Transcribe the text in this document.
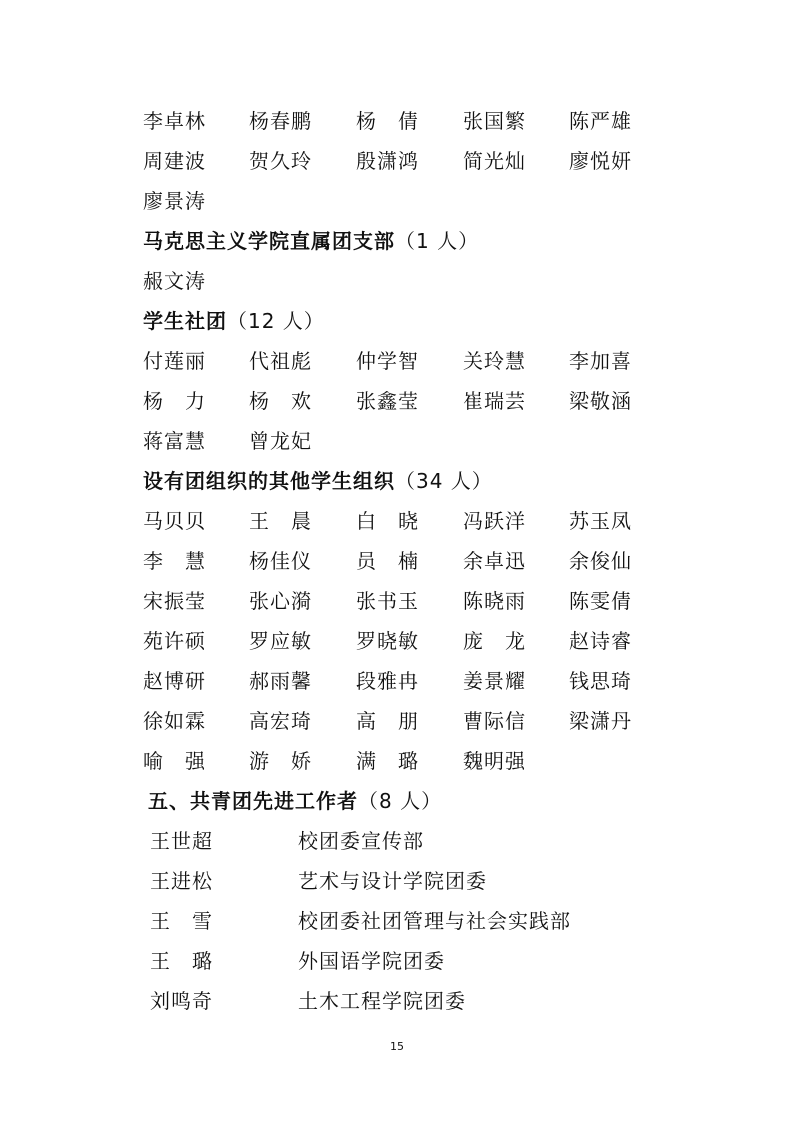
李卓林 杨春鹏 杨　倩 张国繁 陈严雄
周建波 贺久玲 殷潇鸿 简光灿 廖悦妍
廖景涛
马克思主义学院直属团支部（1 人）
赧文涛
学生社团（12 人）
付莲丽 代祖彪 仲学智 关玲慧 李加喜
杨　力 杨　欢 张鑫莹 崔瑞芸 梁敬涵
蒋富慧 曾龙妃
设有团组织的其他学生组织（34 人）
马贝贝 王　晨 白　晓 冯跃洋 苏玉凤
李　慧 杨佳仪 员　楠 余卓迅 余俊仙
宋振莹 张心漪 张书玉 陈晓雨 陈雯倩
苑许硕 罗应敏 罗晓敏 庞　龙 赵诗睿
赵博研 郝雨馨 段雅冉 姜景耀 钱思琦
徐如霖 高宏琦 高　朋 曹际信 梁潇丹
喻　强 游　娇 满　璐 魏明强
五、共青团先进工作者（8 人）
王世超	校团委宣传部
王进松	艺术与设计学院团委
王　雪	校团委社团管理与社会实践部
王　璐	外国语学院团委
刘鸣奇	土木工程学院团委
15
